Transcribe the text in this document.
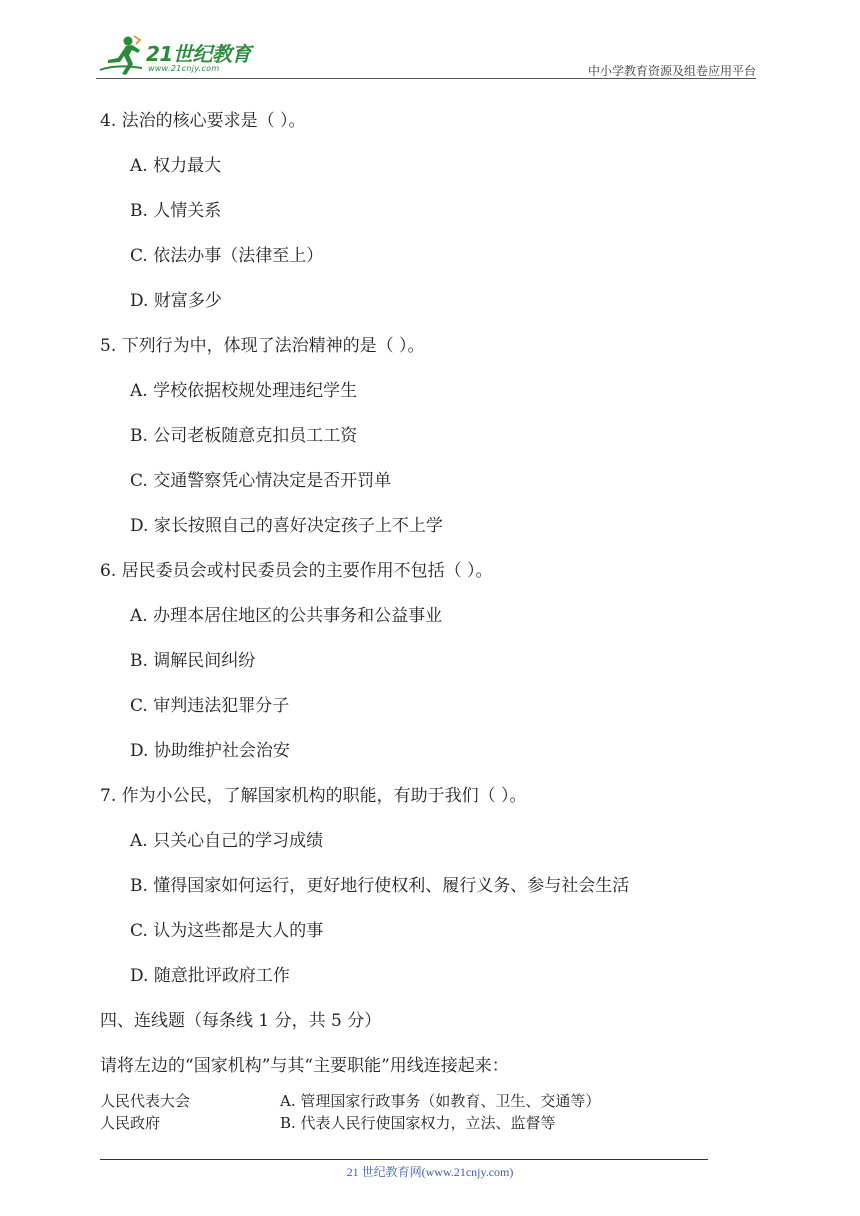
21世纪教育
www.21cnjy.com	中小学教育资源及组卷应用平台
4. 法治的核心要求是（ ）。
A. 权力最大
B. 人情关系
C. 依法办事（法律至上）
D. 财富多少
5. 下列行为中，体现了法治精神的是（ ）。
A. 学校依据校规处理违纪学生
B. 公司老板随意克扣员工工资
C. 交通警察凭心情决定是否开罚单
D. 家长按照自己的喜好决定孩子上不上学
6. 居民委员会或村民委员会的主要作用不包括（ ）。
A. 办理本居住地区的公共事务和公益事业
B. 调解民间纠纷
C. 审判违法犯罪分子
D. 协助维护社会治安
7. 作为小公民，了解国家机构的职能，有助于我们（ ）。
A. 只关心自己的学习成绩
B. 懂得国家如何运行，更好地行使权利、履行义务、参与社会生活
C. 认为这些都是大人的事
D. 随意批评政府工作
四、连线题（每条线 1 分，共 5 分）
请将左边的“国家机构”与其“主要职能”用线连接起来：
人民代表大会	A. 管理国家行政事务（如教育、卫生、交通等）
人民政府	B. 代表人民行使国家权力，立法、监督等
21 世纪教育网(www.21cnjy.com)
